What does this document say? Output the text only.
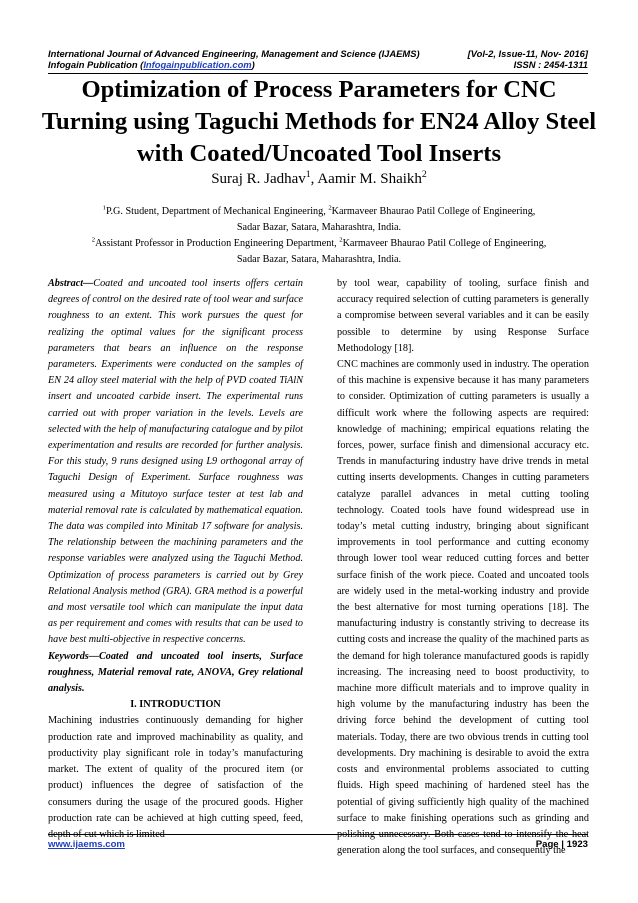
International Journal of Advanced Engineering, Management and Science (IJAEMS)	[Vol-2, Issue-11, Nov- 2016]
Infogain Publication (Infogainpublication.com)	ISSN : 2454-1311
Optimization of Process Parameters for CNC Turning using Taguchi Methods for EN24 Alloy Steel with Coated/Uncoated Tool Inserts
Suraj R. Jadhav$^1$, Aamir M. Shaikh$^2$
$^1$P.G. Student, Department of Mechanical Engineering, $^2$Karmaveer Bhaurao Patil College of Engineering,
Sadar Bazar, Satara, Maharashtra, India.
$^2$Assistant Professor in Production Engineering Department, $^2$Karmaveer Bhaurao Patil College of Engineering,
Sadar Bazar, Satara, Maharashtra, India.

Abstract—Coated and uncoated tool inserts offers certain degrees of control on the desired rate of tool wear and surface roughness to an extent. This work pursues the quest for realizing the optimal values for the significant process parameters that bears an influence on the response parameters. Experiments were conducted on the samples of EN 24 alloy steel material with the help of PVD coated TiAlN insert and uncoated carbide insert. The experimental runs carried out with proper variation in the levels. Levels are selected with the help of manufacturing catalogue and by pilot experimentation and results are recorded for further analysis. For this study, 9 runs designed using L9 orthogonal array of Taguchi Design of Experiment. Surface roughness was measured using a Mitutoyo surface tester at test lab and material removal rate is calculated by mathematical equation. The data was compiled into Minitab 17 software for analysis. The relationship between the machining parameters and the response variables were analyzed using the Taguchi Method. Optimization of process parameters is carried out by Grey Relational Analysis method (GRA). GRA method is a powerful and most versatile tool which can manipulate the input data as per requirement and comes with results that can be used to have best multi-objective in respective concerns.

Keywords—Coated and uncoated tool inserts, Surface roughness, Material removal rate, ANOVA, Grey relational analysis.

I. INTRODUCTION

Machining industries continuously demanding for higher production rate and improved machinability as quality, and productivity play significant role in today’s manufacturing market. The extent of quality of the procured item (or product) influences the degree of satisfaction of the consumers during the usage of the procured goods. Higher production rate can be achieved at high cutting speed, feed, depth of cut which is limited

by tool wear, capability of tooling, surface finish and accuracy required selection of cutting parameters is generally a compromise between several variables and it can be easily possible to determine by using Response Surface Methodology [18].

CNC machines are commonly used in industry. The operation of this machine is expensive because it has many parameters to consider. Optimization of cutting parameters is usually a difficult work where the following aspects are required: knowledge of machining; empirical equations relating the forces, power, surface finish and dimensional accuracy etc. Trends in manufacturing industry have drive trends in metal cutting inserts developments. Changes in cutting parameters catalyze parallel advances in metal cutting tooling technology. Coated tools have found widespread use in today’s metal cutting industry, bringing about significant improvements in tool performance and cutting economy through lower tool wear reduced cutting forces and better surface finish of the work piece. Coated and uncoated tools are widely used in the metal-working industry and provide the best alternative for most turning operations [18]. The manufacturing industry is constantly striving to decrease its cutting costs and increase the quality of the machined parts as the demand for high tolerance manufactured goods is rapidly increasing. The increasing need to boost productivity, to machine more difficult materials and to improve quality in high volume by the manufacturing industry has been the driving force behind the development of cutting tool materials. Today, there are two obvious trends in cutting tool developments. Dry machining is desirable to avoid the extra costs and environmental problems associated to cutting fluids. High speed machining of hardened steel has the potential of giving sufficiently high quality of the machined surface to make finishing operations such as grinding and polishing unnecessary. Both cases tend to intensify the heat generation along the tool surfaces, and consequently the

www.ijaems.com	Page | 1923
